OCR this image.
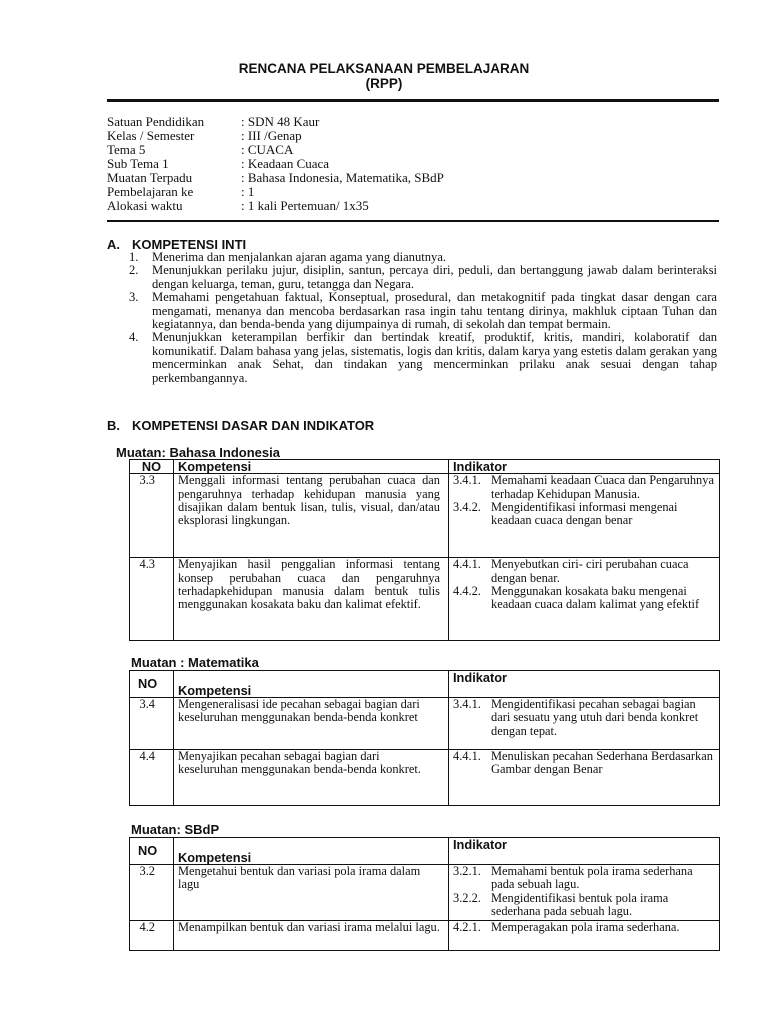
RENCANA PELAKSANAAN PEMBELAJARAN
(RPP)
Satuan Pendidikan	: SDN 48 Kaur
Kelas / Semester	: III /Genap
Tema 5	: CUACA
Sub Tema 1	: Keadaan Cuaca
Muatan Terpadu	: Bahasa Indonesia, Matematika, SBdP
Pembelajaran ke	: 1
Alokasi waktu	: 1 kali Pertemuan/ 1x35
A. KOMPETENSI INTI
1.	Menerima dan menjalankan ajaran agama yang dianutnya.
2.	Menunjukkan perilaku jujur, disiplin, santun, percaya diri, peduli, dan bertanggung jawab dalam berinteraksi dengan keluarga, teman, guru, tetangga dan Negara.
3.	Memahami pengetahuan faktual, Konseptual, prosedural, dan metakognitif pada tingkat dasar dengan cara mengamati, menanya dan mencoba berdasarkan rasa ingin tahu tentang dirinya, makhluk ciptaan Tuhan dan kegiatannya, dan benda-benda yang dijumpainya di rumah, di sekolah dan tempat bermain.
4.	Menunjukkan keterampilan berfikir dan bertindak kreatif, produktif, kritis, mandiri, kolaboratif dan komunikatif. Dalam bahasa yang jelas, sistematis, logis dan kritis, dalam karya yang estetis dalam gerakan yang mencerminkan anak Sehat, dan tindakan yang mencerminkan prilaku anak sesuai dengan tahap perkembangannya.
B. KOMPETENSI DASAR DAN INDIKATOR
Muatan: Bahasa Indonesia
NO	Kompetensi	Indikator
3.3	Menggali informasi tentang perubahan cuaca dan pengaruhnya terhadap kehidupan manusia yang disajikan dalam bentuk lisan, tulis, visual, dan/atau eksplorasi lingkungan.	3.4.1. Memahami keadaan Cuaca dan Pengaruhnya terhadap Kehidupan Manusia.
3.4.2. Mengidentifikasi informasi mengenai keadaan cuaca dengan benar

4.3	Menyajikan hasil penggalian informasi tentang konsep perubahan cuaca dan pengaruhnya terhadapkehidupan manusia dalam bentuk tulis menggunakan kosakata baku dan kalimat efektif.	4.4.1. Menyebutkan ciri- ciri perubahan cuaca dengan benar.
4.4.2. Menggunakan kosakata baku mengenai keadaan cuaca dalam kalimat yang efektif
Muatan : Matematika
NO	Kompetensi	Indikator
3.4	Mengeneralisasi ide pecahan sebagai bagian dari keseluruhan menggunakan benda-benda konkret	3.4.1. Mengidentifikasi pecahan sebagai bagian dari sesuatu yang utuh dari benda konkret dengan tepat.

4.4	Menyajikan pecahan sebagai bagian dari keseluruhan menggunakan benda-benda konkret.	4.4.1. Menuliskan pecahan Sederhana Berdasarkan Gambar dengan Benar
Muatan: SBdP
NO	Kompetensi	Indikator
3.2	Mengetahui bentuk dan variasi pola irama dalam lagu	3.2.1. Memahami bentuk pola irama sederhana pada sebuah lagu.
3.2.2. Mengidentifikasi bentuk pola irama sederhana pada sebuah lagu.

4.2	Menampilkan bentuk dan variasi irama melalui lagu.	4.2.1. Memperagakan pola irama sederhana.
